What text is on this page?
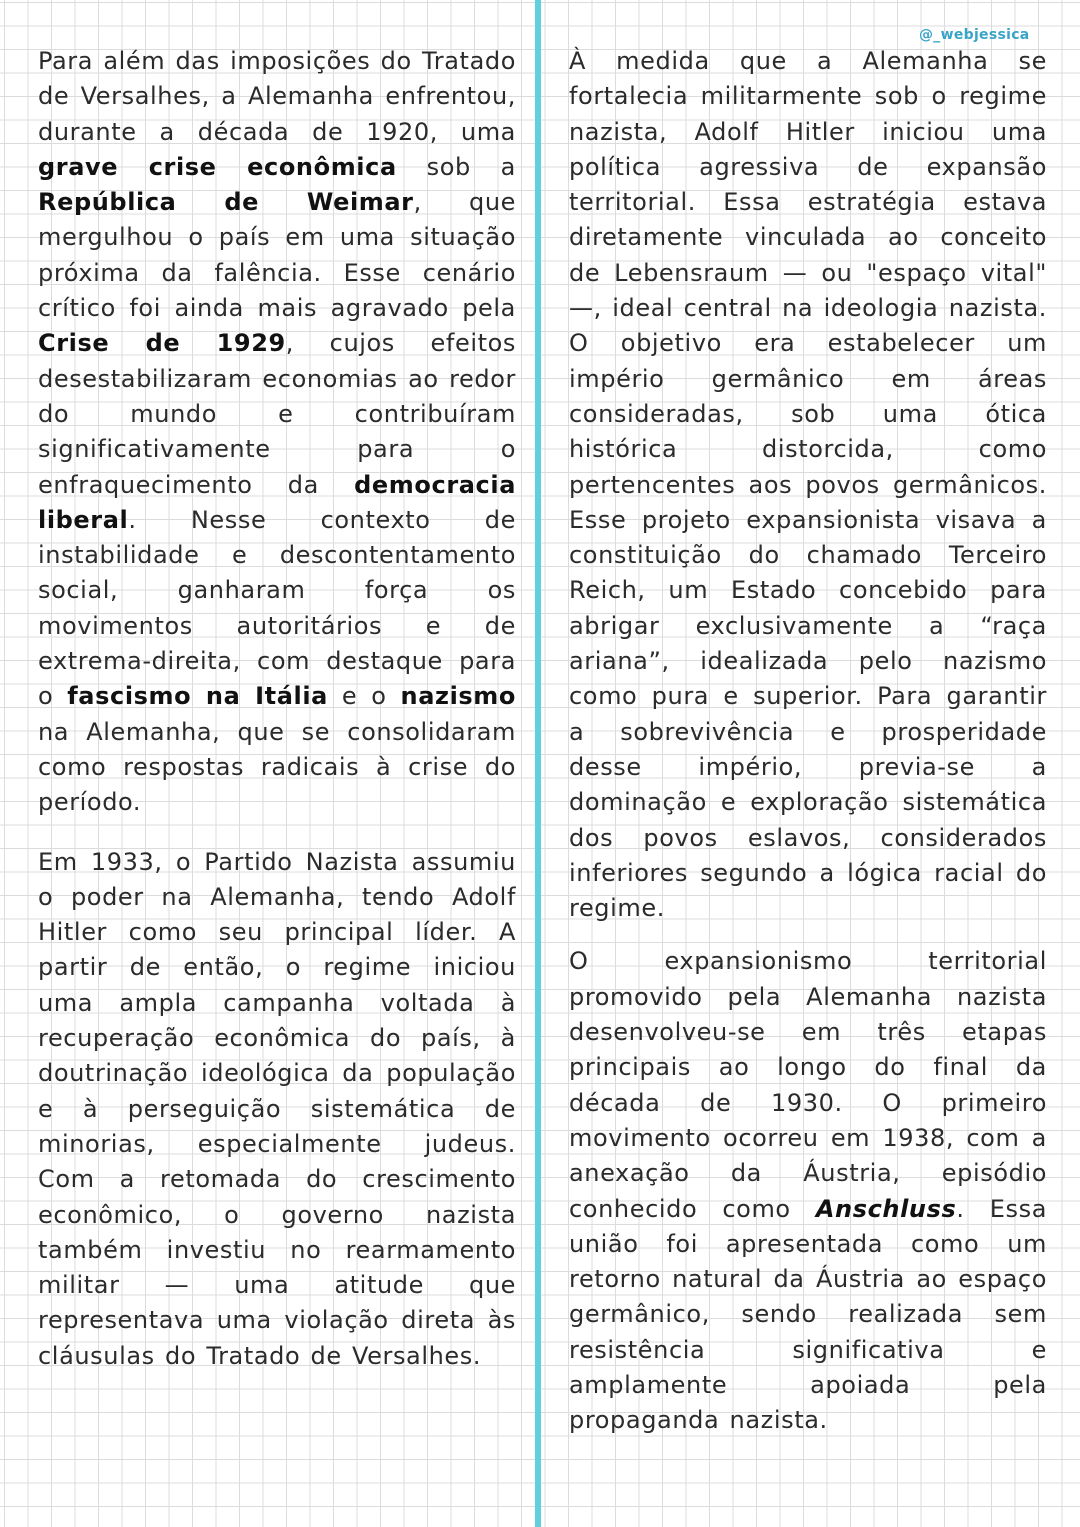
@_webjessica

Para além das imposições do Tratado de Versalhes, a Alemanha enfrentou, durante a década de 1920, uma grave crise econômica sob a República de Weimar, que mergulhou o país em uma situação próxima da falência. Esse cenário crítico foi ainda mais agravado pela Crise de 1929, cujos efeitos desestabilizaram economias ao redor do mundo e contribuíram significativamente para o enfraquecimento da democracia liberal. Nesse contexto de instabilidade e descontentamento social, ganharam força os movimentos autoritários e de extrema-direita, com destaque para o fascismo na Itália e o nazismo na Alemanha, que se consolidaram como respostas radicais à crise do período.

Em 1933, o Partido Nazista assumiu o poder na Alemanha, tendo Adolf Hitler como seu principal líder. A partir de então, o regime iniciou uma ampla campanha voltada à recuperação econômica do país, à doutrinação ideológica da população e à perseguição sistemática de minorias, especialmente judeus. Com a retomada do crescimento econômico, o governo nazista também investiu no rearmamento militar — uma atitude que representava uma violação direta às cláusulas do Tratado de Versalhes.

À medida que a Alemanha se fortalecia militarmente sob o regime nazista, Adolf Hitler iniciou uma política agressiva de expansão territorial. Essa estratégia estava diretamente vinculada ao conceito de Lebensraum — ou "espaço vital" —, ideal central na ideologia nazista. O objetivo era estabelecer um império germânico em áreas consideradas, sob uma ótica histórica distorcida, como pertencentes aos povos germânicos. Esse projeto expansionista visava a constituição do chamado Terceiro Reich, um Estado concebido para abrigar exclusivamente a “raça ariana”, idealizada pelo nazismo como pura e superior. Para garantir a sobrevivência e prosperidade desse império, previa-se a dominação e exploração sistemática dos povos eslavos, considerados inferiores segundo a lógica racial do regime.

O expansionismo territorial promovido pela Alemanha nazista desenvolveu-se em três etapas principais ao longo do final da década de 1930. O primeiro movimento ocorreu em 1938, com a anexação da Áustria, episódio conhecido como Anschluss. Essa união foi apresentada como um retorno natural da Áustria ao espaço germânico, sendo realizada sem resistência significativa e amplamente apoiada pela propaganda nazista.
